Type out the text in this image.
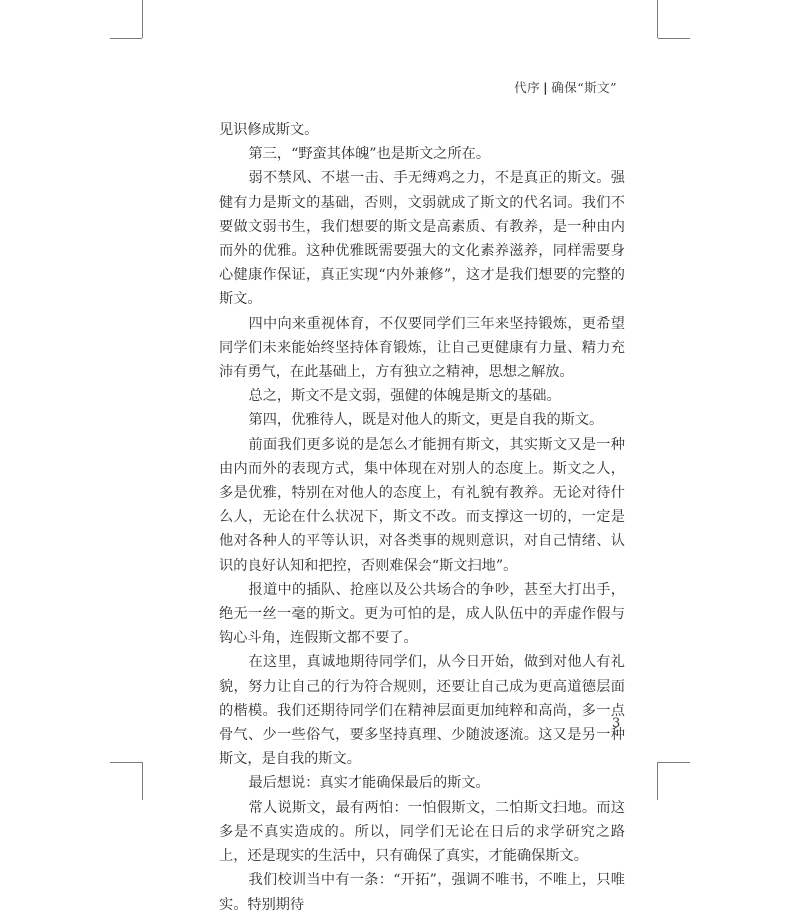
代序 | 确保“斯文”

见识修成斯文。

第三，“野蛮其体魄”也是斯文之所在。

弱不禁风、不堪一击、手无缚鸡之力，不是真正的斯文。强健有力是斯文的基础，否则，文弱就成了斯文的代名词。我们不要做文弱书生，我们想要的斯文是高素质、有教养，是一种由内而外的优雅。这种优雅既需要强大的文化素养滋养，同样需要身心健康作保证，真正实现“内外兼修”，这才是我们想要的完整的斯文。

四中向来重视体育，不仅要同学们三年来坚持锻炼，更希望同学们未来能始终坚持体育锻炼，让自己更健康有力量、精力充沛有勇气，在此基础上，方有独立之精神，思想之解放。

总之，斯文不是文弱，强健的体魄是斯文的基础。

第四，优雅待人，既是对他人的斯文，更是自我的斯文。

前面我们更多说的是怎么才能拥有斯文，其实斯文又是一种由内而外的表现方式，集中体现在对别人的态度上。斯文之人，多是优雅，特别在对他人的态度上，有礼貌有教养。无论对待什么人，无论在什么状况下，斯文不改。而支撑这一切的，一定是他对各种人的平等认识，对各类事的规则意识，对自己情绪、认识的良好认知和把控，否则难保会“斯文扫地”。

报道中的插队、抢座以及公共场合的争吵，甚至大打出手，绝无一丝一毫的斯文。更为可怕的是，成人队伍中的弄虚作假与钩心斗角，连假斯文都不要了。

在这里，真诚地期待同学们，从今日开始，做到对他人有礼貌，努力让自己的行为符合规则，还要让自己成为更高道德层面的楷模。我们还期待同学们在精神层面更加纯粹和高尚，多一点骨气、少一些俗气，要多坚持真理、少随波逐流。这又是另一种斯文，是自我的斯文。

最后想说：真实才能确保最后的斯文。

常人说斯文，最有两怕：一怕假斯文，二怕斯文扫地。而这多是不真实造成的。所以，同学们无论在日后的求学研究之路上，还是现实的生活中，只有确保了真实，才能确保斯文。

我们校训当中有一条：“开拓”，强调不唯书，不唯上，只唯实。特别期待

3
